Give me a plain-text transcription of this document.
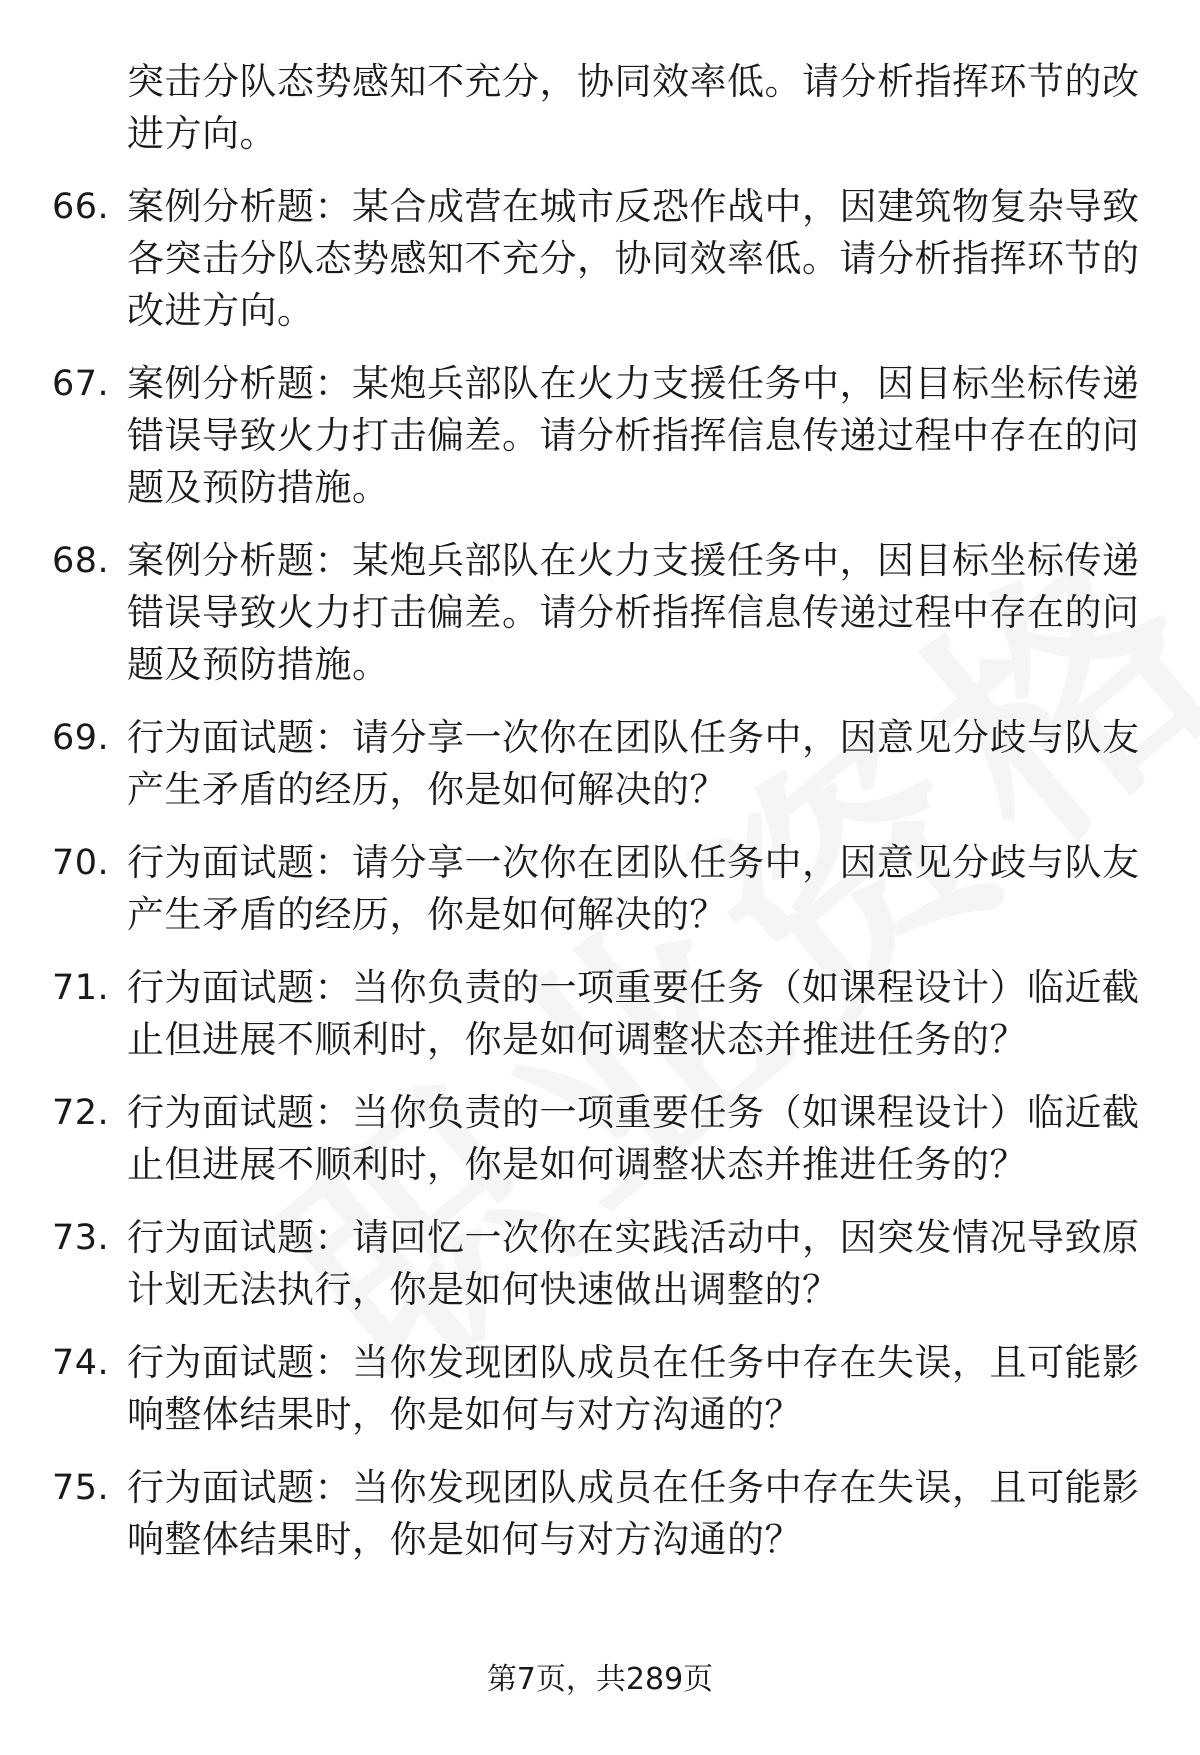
突击分队态势感知不充分，协同效率低。请分析指挥环节的改进方向。
66. 案例分析题：某合成营在城市反恐作战中，因建筑物复杂导致各突击分队态势感知不充分，协同效率低。请分析指挥环节的改进方向。
67. 案例分析题：某炮兵部队在火力支援任务中，因目标坐标传递错误导致火力打击偏差。请分析指挥信息传递过程中存在的问题及预防措施。
68. 案例分析题：某炮兵部队在火力支援任务中，因目标坐标传递错误导致火力打击偏差。请分析指挥信息传递过程中存在的问题及预防措施。
69. 行为面试题：请分享一次你在团队任务中，因意见分歧与队友产生矛盾的经历，你是如何解决的？
70. 行为面试题：请分享一次你在团队任务中，因意见分歧与队友产生矛盾的经历，你是如何解决的？
71. 行为面试题：当你负责的一项重要任务（如课程设计）临近截止但进展不顺利时，你是如何调整状态并推进任务的？
72. 行为面试题：当你负责的一项重要任务（如课程设计）临近截止但进展不顺利时，你是如何调整状态并推进任务的？
73. 行为面试题：请回忆一次你在实践活动中，因突发情况导致原计划无法执行，你是如何快速做出调整的？
74. 行为面试题：当你发现团队成员在任务中存在失误，且可能影响整体结果时，你是如何与对方沟通的？
75. 行为面试题：当你发现团队成员在任务中存在失误，且可能影响整体结果时，你是如何与对方沟通的？
第7页，共289页
